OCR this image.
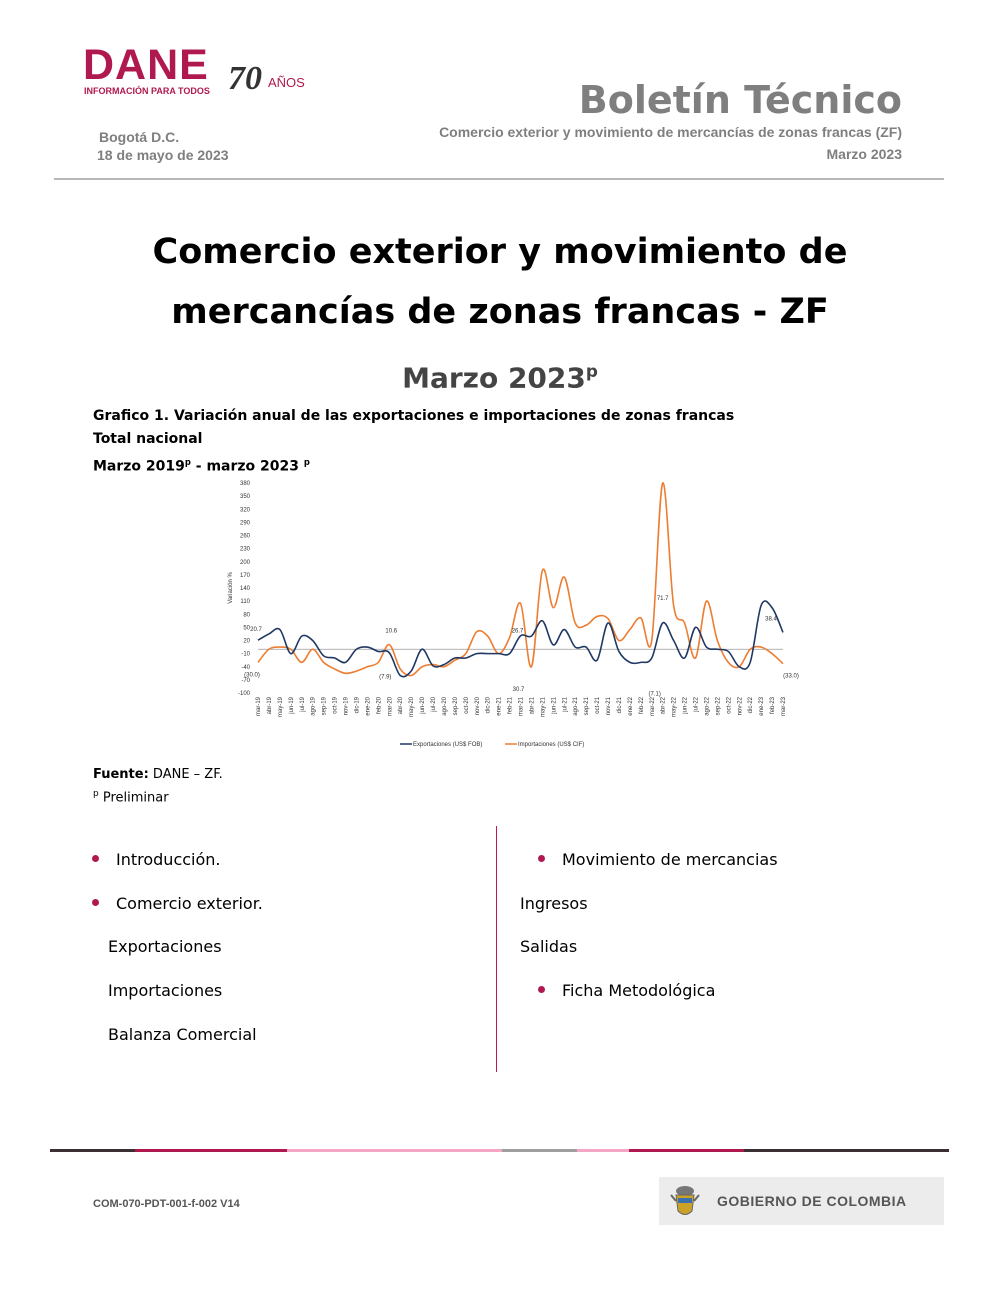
DANE
INFORMACIÓN PARA TODOS 70 AÑOS	Boletín Técnico
Comercio exterior y movimiento de mercancías de zonas francas (ZF)
Marzo 2023
Bogotá D.C.
18 de mayo de 2023
Comercio exterior y movimiento de
mercancías de zonas francas - ZF
Marzo 2023$^p$
Grafico 1. Variación anual de las exportaciones e importaciones de zonas francas
Total nacional
Marzo 2019$^p$ - marzo 2023 $^p$
380
350
320
290
260
230
200
170
140
110
80
50
20
-10
-40
-70
-100
Variación %
mar-19 abr-19 may-19 jun-19 jul-19 ago-19 sep-19 oct-19 nov-19 dic-19 ene-20 feb-20 mar-20 abr-20 may-20 jun-20 jul-20 ago-20 sep-20 oct-20 nov-20 dic-20 ene-21 feb-21 mar-21 abr-21 may-21 jun-21 jul-21 ago-21 sep-21 oct-21 nov-21 dic-21 ene-22 feb-22 mar-22 abr-22 may-22 jun-22 jul-22 ago-22 sep-22 oct-22 nov-22 dic-22 ene-23 feb-23 mar-23
20.7
(30.0)
10.6
(7.9)
26.7
30.7
71.7
(7.1)
38.4
(33.0)
Exportaciones (US$ FOB)	Importaciones (US$ CIF)
Fuente: DANE – ZF.
$^p$ Preliminar
Introducción.
Comercio exterior.
Exportaciones
Importaciones
Balanza Comercial
Movimiento de mercancias
Ingresos
Salidas
Ficha Metodológica
COM-070-PDT-001-f-002 V14	GOBIERNO DE COLOMBIA
